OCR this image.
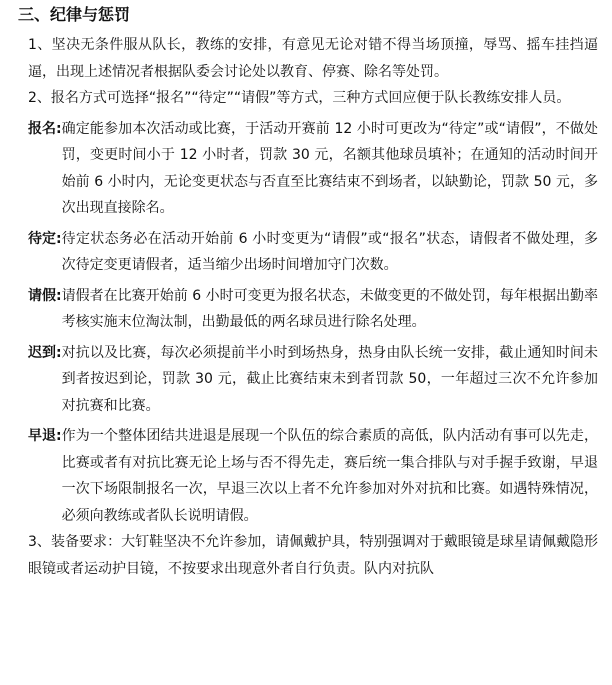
三、纪律与惩罚

1、坚决无条件服从队长，教练的安排，有意见无论对错不得当场顶撞，辱骂、摇车挂挡逼逼，出现上述情况者根据队委会讨论处以教育、停赛、除名等处罚。

2、报名方式可选择“报名”“待定”“请假”等方式，三种方式回应便于队长教练安排人员。

报名: 确定能参加本次活动或比赛，于活动开赛前 12 小时可更改为“待定”或“请假”，不做处罚，变更时间小于 12 小时者，罚款 30 元，名额其他球员填补；在通知的活动时间开始前 6 小时内，无论变更状态与否直至比赛结束不到场者，以缺勤论，罚款 50 元，多次出现直接除名。
待定: 待定状态务必在活动开始前 6 小时变更为“请假”或“报名”状态，请假者不做处理，多次待定变更请假者，适当缩少出场时间增加守门次数。
请假: 请假者在比赛开始前 6 小时可变更为报名状态，未做变更的不做处罚，每年根据出勤率考核实施末位淘汰制，出勤最低的两名球员进行除名处理。
迟到: 对抗以及比赛，每次必须提前半小时到场热身，热身由队长统一安排，截止通知时间未到者按迟到论，罚款 30 元，截止比赛结束未到者罚款 50，一年超过三次不允许参加对抗赛和比赛。
早退: 作为一个整体团结共进退是展现一个队伍的综合素质的高低，队内活动有事可以先走，比赛或者有对抗比赛无论上场与否不得先走，赛后统一集合排队与对手握手致谢，早退一次下场限制报名一次，早退三次以上者不允许参加对外对抗和比赛。如遇特殊情况，必须向教练或者队长说明请假。

3、装备要求：大钉鞋坚决不允许参加，请佩戴护具，特别强调对于戴眼镜是球星请佩戴隐形眼镜或者运动护目镜，不按要求出现意外者自行负责。队内对抗队
